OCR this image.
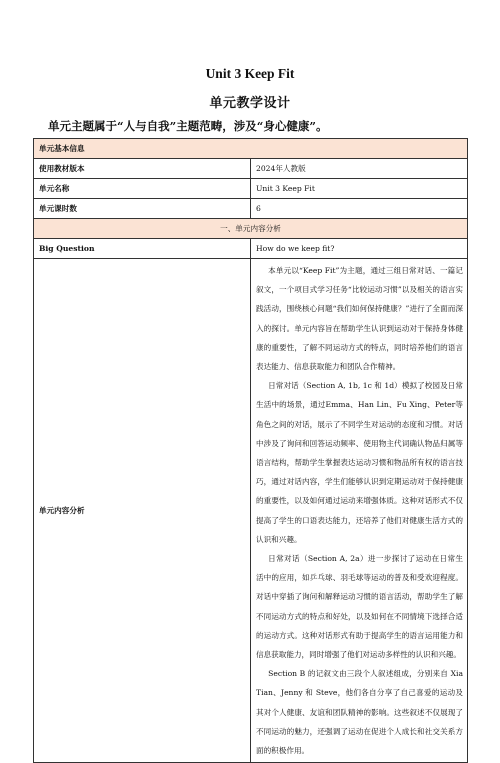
Unit 3 Keep Fit
单元教学设计
单元主题属于“人与自我”主题范畴，涉及“身心健康”。
单元基本信息	
使用教材版本	2024年人教版
单元名称	Unit 3 Keep Fit
单元课时数	6
一、单元内容分析	
Big Question	How do we keep fit?
单元内容分析	本单元以“Keep Fit”为主题，通过三组日常对话、一篇记叙文，一个项目式学习任务“比较运动习惯”以及相关的语言实践活动，围绕核心问题“我们如何保持健康？”进行了全面而深入的探讨。单元内容旨在帮助学生认识到运动对于保持身体健康的重要性，了解不同运动方式的特点，同时培养他们的语言表达能力、信息获取能力和团队合作精神。

日常对话（Section A, 1b, 1c 和 1d）模拟了校园及日常生活中的场景，通过Emma、Han Lin、Fu Xing、Peter等角色之间的对话，展示了不同学生对运动的态度和习惯。对话中涉及了询问和回答运动频率、使用物主代词确认物品归属等语言结构，帮助学生掌握表达运动习惯和物品所有权的语言技巧，通过对话内容，学生们能够认识到定期运动对于保持健康的重要性，以及如何通过运动来增强体质。这种对话形式不仅提高了学生的口语表达能力，还培养了他们对健康生活方式的认识和兴趣。

日常对话（Section A, 2a）进一步探讨了运动在日常生活中的应用，如乒乓球、羽毛球等运动的普及和受欢迎程度。对话中穿插了询问和解释运动习惯的语言活动，帮助学生了解不同运动方式的特点和好处，以及如何在不同情境下选择合适的运动方式。这种对话形式有助于提高学生的语言运用能力和信息获取能力，同时增强了他们对运动多样性的认识和兴趣。

Section B 的记叙文由三段个人叙述组成，分别来自 Xia Tian、Jenny 和 Steve，他们各自分享了自己喜爱的运动及其对个人健康、友谊和团队精神的影响。这些叙述不仅展现了不同运动的魅力，还强调了运动在促进个人成长和社交关系方面的积极作用。
